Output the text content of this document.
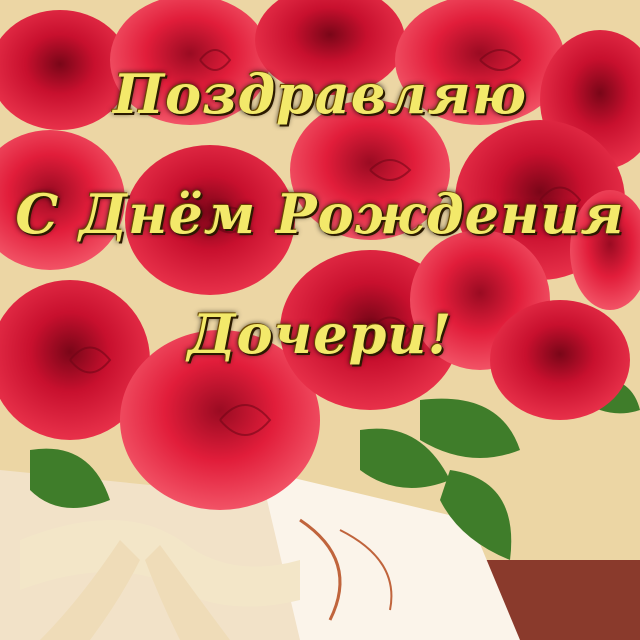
Поздравляю
С Днём Рождения
Дочери!
